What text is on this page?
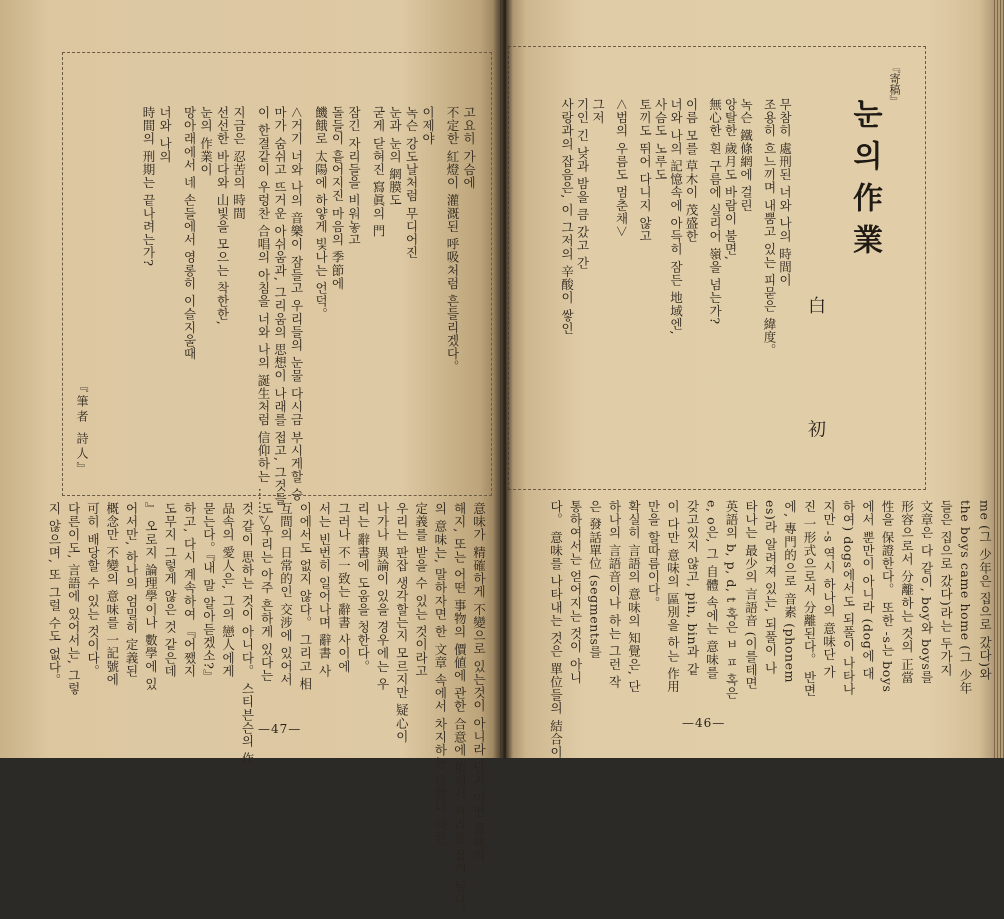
고요히 가슴에
不定한 紅燈이 灌溉된 呼吸처럼 흔들리겠다。
이제야
녹슨 강도날처럼 무디어진
눈과 눈의 網膜도
굳게 닫혀진 寫眞의 門
잠긴 자리들을 비워놓고
돌들이 흩어지진 마음의 季節에
饑餓로 太陽에 하얗게 빛나는 언덕。
＜거기 너와 나의 音樂이 잠들고 우리들의 눈물 다시금 부시게할 숭
마가 숨쉬고 뜨거운 아쉬움과, 그리움의 思想이 나래를 접고, 그것들
이 한결같이 우렁찬 合唱의 아침을 너와 나의 誕生처럼 信仰하는 ……＞
지금은 忍苦의 時間
선선한 바다와 山빛을 모으는 착한한,
눈의 作業이
망아래에서 네 손들에서 영롱히 이슬지울때
너와 나의
時間의 刑期는 끝나려는가?
『筆者 詩人』
意味가 精確하게 不變으로 있는것이 아니라 단지 어떤 意味의
해지, 또는 어떤 事物의 價値에 관한 合意에 依해서 자리를 잡게 된다。
의 意味는, 말하자면 한 文章 속에서 차지하는 位置나 다른
定義를 받을 수 있는 것이라고
우리는 판잡 생각할는지 모르지만 疑心이
나가나 異論이 있을 경우에는 우
리는 辭書에 도움을 청한다。
그러나 不一致는 辭書 사이에
서는 빈번히 일어나며 辭書 사
이에서도 없지 않다。 그리고 相
互間의 日常的인 交涉에 있어서
도, 우리는 아주 흔하게 있다는
것 같이 思하는 것이 아니다。 스티븐슨의 作
品속의 愛人은, 그의 戀人에게
묻는다。『내 말 알아듣겠소?』
하고, 다시 계속하여 『어쨌지
도무지 그렇게 않은 것 같은데
』 오로지 論理學이나 數學에 있
어서만, 하나의 엄밀히 定義된
概念만 不變의 意味를 一記號에
可히 배당할 수 있는 것이다。
다른이도, 言語에 있어서는, 그렇
지 않으며, 또 그럴 수도 없다。
—47—
『寄稿』
눈의作業
白 初
무참히 處刑된 너와 나의 時間이
조용히 흐느끼며 내뿜고 있는 피묻은 緯度。
녹슨 鐵條網에 걸린
앙탈한 歲月도 바람이 불면,
無心한 흰 구름에 실리어 嶺을 넘는가?
이름 모를 草木이 茂盛한
너와 나의 記憶속에 아득히 잠든 地域엔,
사슴도 노루도
토끼도 뛰어 다니지 않고
＜범의 우름도 멈춘채＞
그저
기인 긴 낮과 밤을 큼 갔고 간
사랑과의 잡음은, 이 그저의 辛酸이 쌓인
me (그 少年은 집으로 갔다)와
the boys came home (그 少年
들은 집으로 갔다)라는 두가지
文章은 다 같이, boy와 boys를
形容으로서 分離하는 것의 正當
性을 保證한다。 또한 -s는 boys
에서 뿐만이 아니라 (dog에 대
하여) dogs에서도 되풀이 나타나
지만 -s 역시 하나의 意味단 가
진 一形式으로서 分離된다。 반면
에, 專門的으로 音素 (phonem
es)라 알려져 있는, 되풀이 나
타나는 最少의 言語音 (이를테면
英語의 b, p, d, t 혹은 ㅂ ㅍ 혹은
e, o은, 그 自體 속에는 意味를
갖고있지 않고, pin, bin과 같
이 다만 意味의 區別을 하는 作用
만을 할따름이다。
확실히 言語의 意味의 知覺은, 단
하나의 言語音이나 하는 그런 작
은 發話單位 (segments를
통하여서는 얻어지는 것이 아니
다。 意味를 나타내는 것은 單位들의 結合이	—46—
